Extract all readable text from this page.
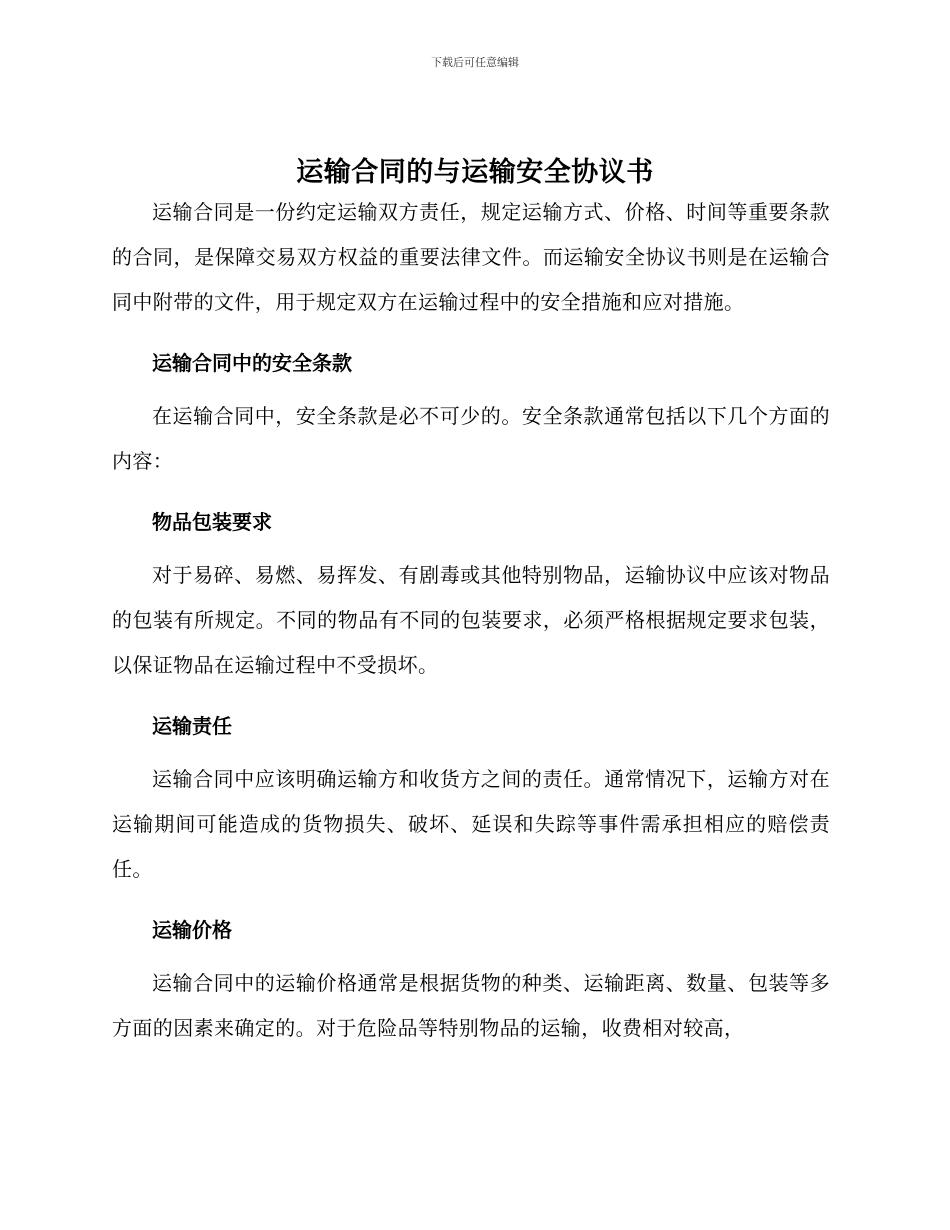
下载后可任意编辑
运输合同的与运输安全协议书

运输合同是一份约定运输双方责任，规定运输方式、价格、时间等重要条款的合同，是保障交易双方权益的重要法律文件。而运输安全协议书则是在运输合同中附带的文件，用于规定双方在运输过程中的安全措施和应对措施。

运输合同中的安全条款

在运输合同中，安全条款是必不可少的。安全条款通常包括以下几个方面的内容：

物品包装要求

对于易碎、易燃、易挥发、有剧毒或其他特别物品，运输协议中应该对物品的包装有所规定。不同的物品有不同的包装要求，必须严格根据规定要求包装，以保证物品在运输过程中不受损坏。

运输责任

运输合同中应该明确运输方和收货方之间的责任。通常情况下，运输方对在运输期间可能造成的货物损失、破坏、延误和失踪等事件需承担相应的赔偿责任。

运输价格

运输合同中的运输价格通常是根据货物的种类、运输距离、数量、包装等多方面的因素来确定的。对于危险品等特别物品的运输，收费相对较高，
